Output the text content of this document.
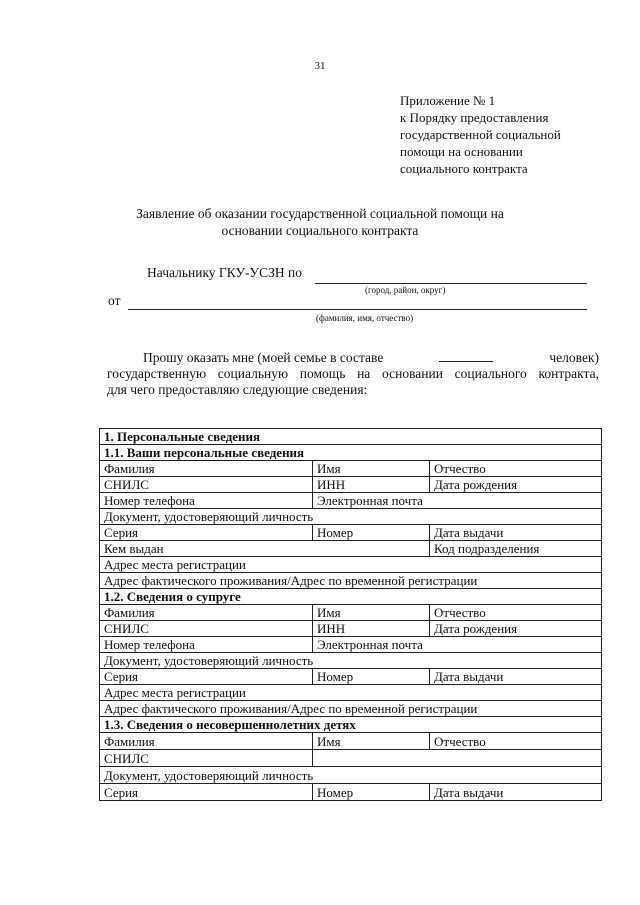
31
Приложение № 1
к Порядку предоставления
государственной социальной
помощи на основании
социального контракта
Заявление об оказании государственной социальной помощи на
основании социального контракта
Начальнику ГКУ-УСЗН по
(город, район, округ)
от
(фамилия, имя, отчество)
Прошу оказать мне (моей семье в составе	человек)
государственную социальную помощь на основании социального контракта,
для чего предоставляю следующие сведения:
1. Персональные сведения
1.1. Ваши персональные сведения
Фамилия	Имя	Отчество
СНИЛС	ИНН	Дата рождения
Номер телефона	Электронная почта
Документ, удостоверяющий личность
Серия	Номер	Дата выдачи
Кем выдан	Код подразделения
Адрес места регистрации
Адрес фактического проживания/Адрес по временной регистрации
1.2. Сведения о супруге
Фамилия	Имя	Отчество
СНИЛС	ИНН	Дата рождения
Номер телефона	Электронная почта
Документ, удостоверяющий личность
Серия	Номер	Дата выдачи
Адрес места регистрации
Адрес фактического проживания/Адрес по временной регистрации
1.3. Сведения о несовершеннолетних детях
Фамилия	Имя	Отчество
СНИЛС
Документ, удостоверяющий личность
Серия	Номер	Дата выдачи
